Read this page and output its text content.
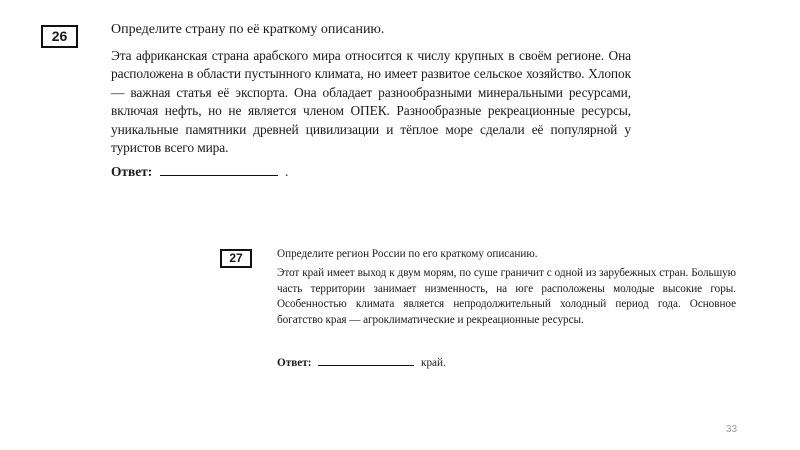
26	Определите страну по её краткому описанию.
Эта африканская страна арабского мира относится к числу крупных в своём регионе. Она расположена в области пустынного климата, но имеет развитое сельское хозяйство. Хлопок — важная статья её экспорта. Она обладает разнообразными минеральными ресурсами, включая нефть, но не является членом ОПЕК. Разнообразные рекреационные ресурсы, уникальные памятники древней цивилизации и тёплое море сделали её популярной у туристов всего мира.
Ответ:	.
27	Определите регион России по его краткому описанию.
Этот край имеет выход к двум морям, по суше граничит с одной из зарубежных стран. Большую часть территории занимает низменность, на юге расположены молодые высокие горы. Особенностью климата является непродолжительный холодный период года. Основное богатство края — агроклиматические и рекреационные ресурсы.
Ответ:	край.
33
